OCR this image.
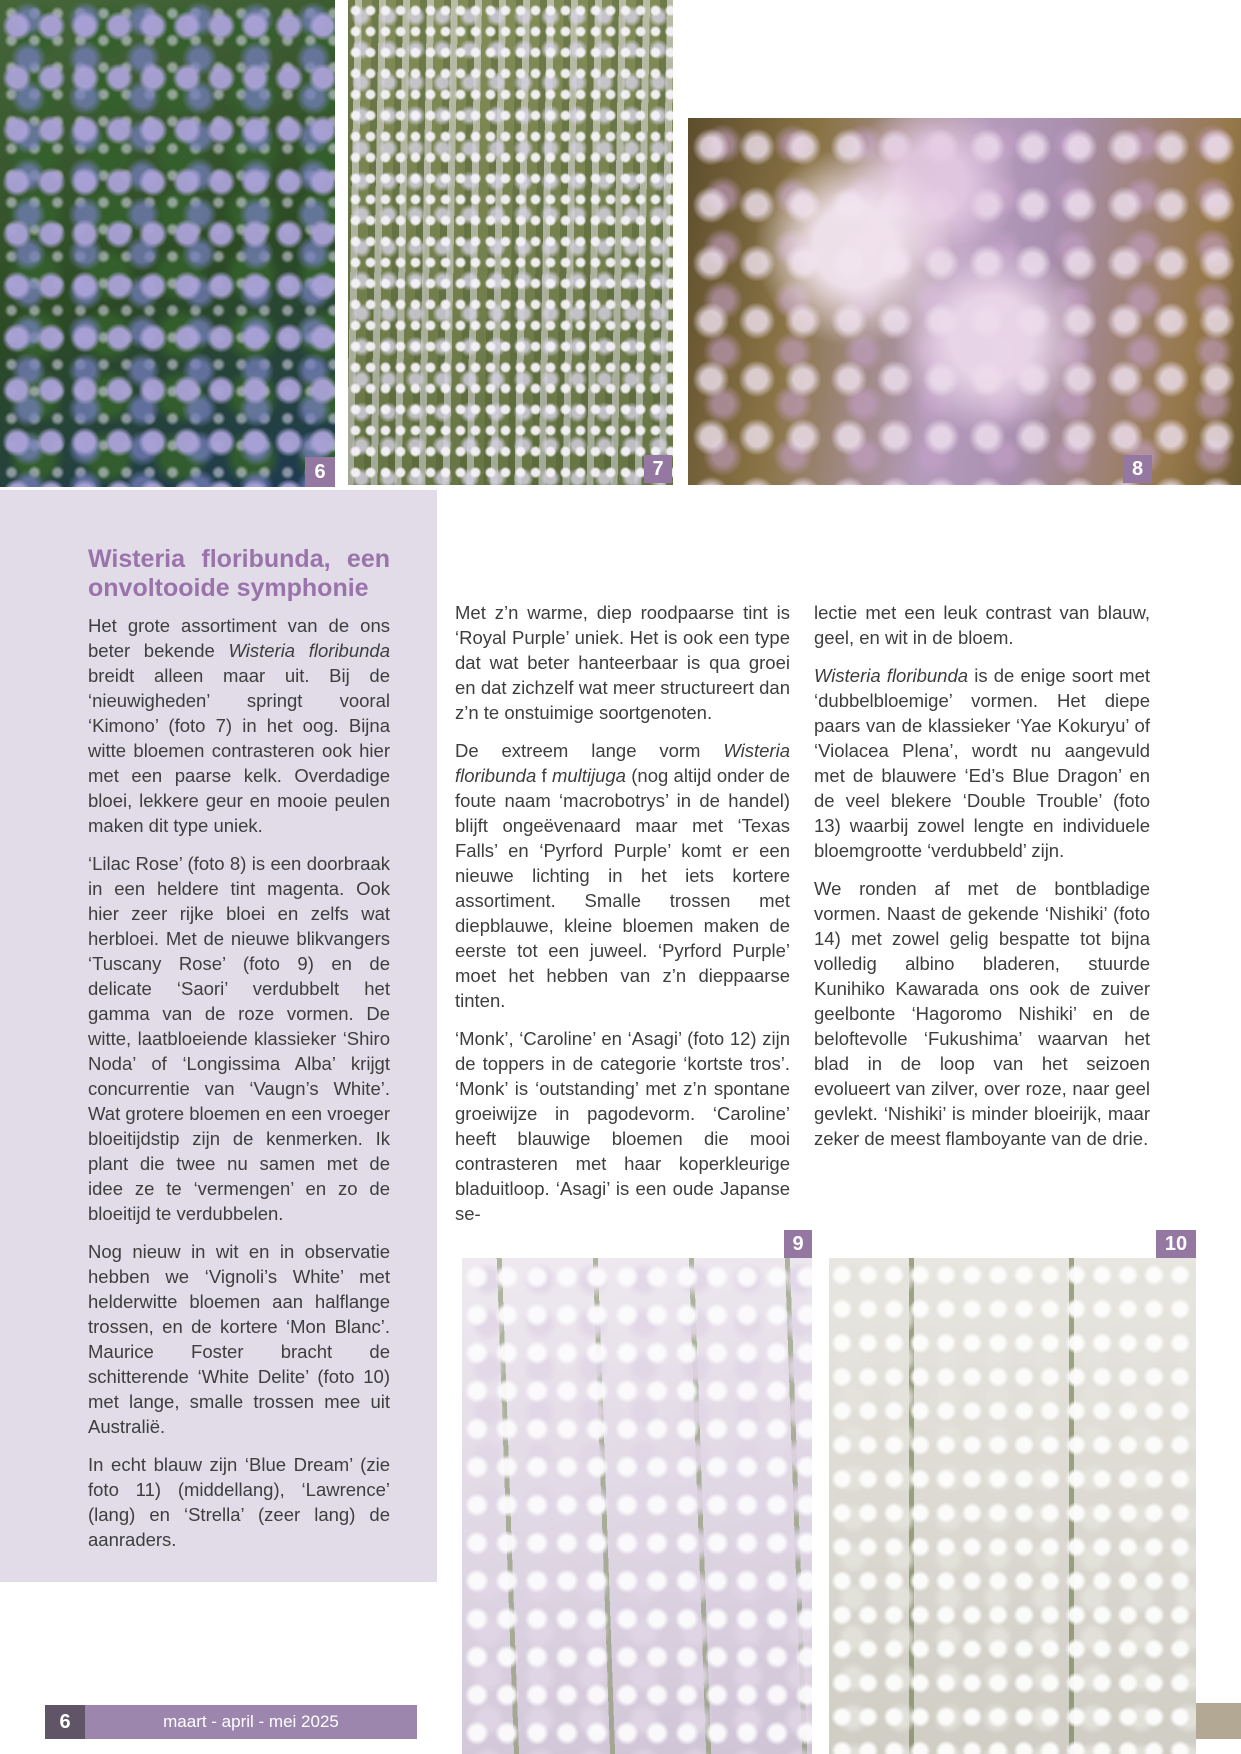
6	7	8
Wisteria floribunda, een onvoltooide symphonie

Het grote assortiment van de ons beter bekende Wisteria floribunda breidt alleen maar uit. Bij de ‘nieuwigheden’ springt vooral ‘Kimono’ (foto 7) in het oog. Bijna witte bloemen contrasteren ook hier met een paarse kelk. Overdadige bloei, lekkere geur en mooie peulen maken dit type uniek.

‘Lilac Rose’ (foto 8) is een doorbraak in een heldere tint magenta. Ook hier zeer rijke bloei en zelfs wat herbloei. Met de nieuwe blikvangers ‘Tuscany Rose’ (foto 9) en de delicate ‘Saori’ verdubbelt het gamma van de roze vormen. De witte, laatbloeiende klassieker ‘Shiro Noda’ of ‘Longissima Alba’ krijgt concurrentie van ‘Vaugn’s White’. Wat grotere bloemen en een vroeger bloeitijdstip zijn de kenmerken. Ik plant die twee nu samen met de idee ze te ‘vermengen’ en zo de bloeitijd te verdubbelen.

Nog nieuw in wit en in observatie hebben we ‘Vignoli’s White’ met helderwitte bloemen aan halflange trossen, en de kortere ‘Mon Blanc’. Maurice Foster bracht de schitterende ‘White Delite’ (foto 10) met lange, smalle trossen mee uit Australië.

In echt blauw zijn ‘Blue Dream’ (zie foto 11) (middellang), ‘Lawrence’ (lang) en ‘Strella’ (zeer lang) de aanraders.

Met z’n warme, diep roodpaarse tint is ‘Royal Purple’ uniek. Het is ook een type dat wat beter hanteerbaar is qua groei en dat zichzelf wat meer structureert dan z’n te onstuimige soortgenoten.

De extreem lange vorm Wisteria floribunda f multijuga (nog altijd onder de foute naam ‘macrobotrys’ in de handel) blijft ongeëvenaard maar met ‘Texas Falls’ en ‘Pyrford Purple’ komt er een nieuwe lichting in het iets kortere assortiment. Smalle trossen met diepblauwe, kleine bloemen maken de eerste tot een juweel. ‘Pyrford Purple’ moet het hebben van z’n dieppaarse tinten.

‘Monk’, ‘Caroline’ en ‘Asagi’ (foto 12) zijn de toppers in de categorie ‘kortste tros’. ‘Monk’ is ‘outstanding’ met z’n spontane groeiwijze in pagodevorm. ‘Caroline’ heeft blauwige bloemen die mooi contrasteren met haar koperkleurige bladuitloop. ‘Asagi’ is een oude Japanse se-

lectie met een leuk contrast van blauw, geel, en wit in de bloem.

Wisteria floribunda is de enige soort met ‘dubbelbloemige’ vormen. Het diepe paars van de klassieker ‘Yae Kokuryu’ of ‘Violacea Plena’, wordt nu aangevuld met de blauwere ‘Ed’s Blue Dragon’ en de veel blekere ‘Double Trouble’ (foto 13) waarbij zowel lengte en individuele bloemgrootte ‘verdubbeld’ zijn.

We ronden af met de bontbladige vormen. Naast de gekende ‘Nishiki’ (foto 14) met zowel gelig bespatte tot bijna volledig albino bladeren, stuurde Kunihiko Kawarada ons ook de zuiver geelbonte ‘Hagoromo Nishiki’ en de beloftevolle ‘Fukushima’ waarvan het blad in de loop van het seizoen evolueert van zilver, over roze, naar geel gevlekt. ‘Nishiki’ is minder bloeirijk, maar zeker de meest flamboyante van de drie.

9	10
6	maart - april - mei 2025
